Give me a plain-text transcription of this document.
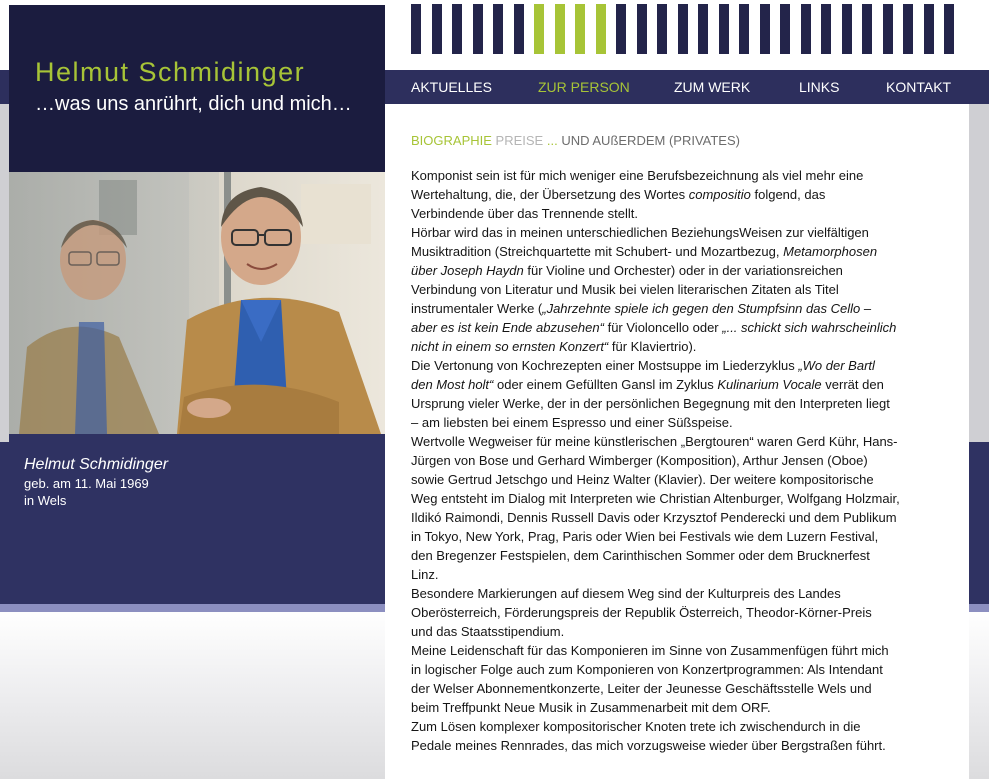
Helmut Schmidinger
…was uns anrührt, dich und mich…
Helmut Schmidinger
geb. am 11. Mai 1969
in Wels
AKTUELLES	ZUR PERSON	ZUM WERK	LINKS	KONTAKT
BIOGRAPHIE PREISE ... UND AUßERDEM (PRIVATES)
Komponist sein ist für mich weniger eine Berufsbezeichnung als viel mehr eine
Wertehaltung, die, der Übersetzung des Wortes compositio folgend, das
Verbindende über das Trennende stellt.
Hörbar wird das in meinen unterschiedlichen BeziehungsWeisen zur vielfältigen
Musiktradition (Streichquartette mit Schubert- und Mozartbezug, Metamorphosen
über Joseph Haydn für Violine und Orchester) oder in der variationsreichen
Verbindung von Literatur und Musik bei vielen literarischen Zitaten als Titel
instrumentaler Werke („Jahrzehnte spiele ich gegen den Stumpfsinn das Cello –
aber es ist kein Ende abzusehen“ für Violoncello oder „... schickt sich wahrscheinlich
nicht in einem so ernsten Konzert“ für Klaviertrio).
Die Vertonung von Kochrezepten einer Mostsuppe im Liederzyklus „Wo der Bartl
den Most holt“ oder einem Gefüllten Gansl im Zyklus Kulinarium Vocale verrät den
Ursprung vieler Werke, der in der persönlichen Begegnung mit den Interpreten liegt
– am liebsten bei einem Espresso und einer Süßspeise.
Wertvolle Wegweiser für meine künstlerischen „Bergtouren“ waren Gerd Kühr, Hans-
Jürgen von Bose und Gerhard Wimberger (Komposition), Arthur Jensen (Oboe)
sowie Gertrud Jetschgo und Heinz Walter (Klavier). Der weitere kompositorische
Weg entsteht im Dialog mit Interpreten wie Christian Altenburger, Wolfgang Holzmair,
Ildikó Raimondi, Dennis Russell Davis oder Krzysztof Penderecki und dem Publikum
in Tokyo, New York, Prag, Paris oder Wien bei Festivals wie dem Luzern Festival,
den Bregenzer Festspielen, dem Carinthischen Sommer oder dem Brucknerfest
Linz.
Besondere Markierungen auf diesem Weg sind der Kulturpreis des Landes
Oberösterreich, Förderungspreis der Republik Österreich, Theodor-Körner-Preis
und das Staatsstipendium.
Meine Leidenschaft für das Komponieren im Sinne von Zusammenfügen führt mich
in logischer Folge auch zum Komponieren von Konzertprogrammen: Als Intendant
der Welser Abonnementkonzerte, Leiter der Jeunesse Geschäftsstelle Wels und
beim Treffpunkt Neue Musik in Zusammenarbeit mit dem ORF.
Zum Lösen komplexer kompositorischer Knoten trete ich zwischendurch in die
Pedale meines Rennrades, das mich vorzugsweise wieder über Bergstraßen führt.
